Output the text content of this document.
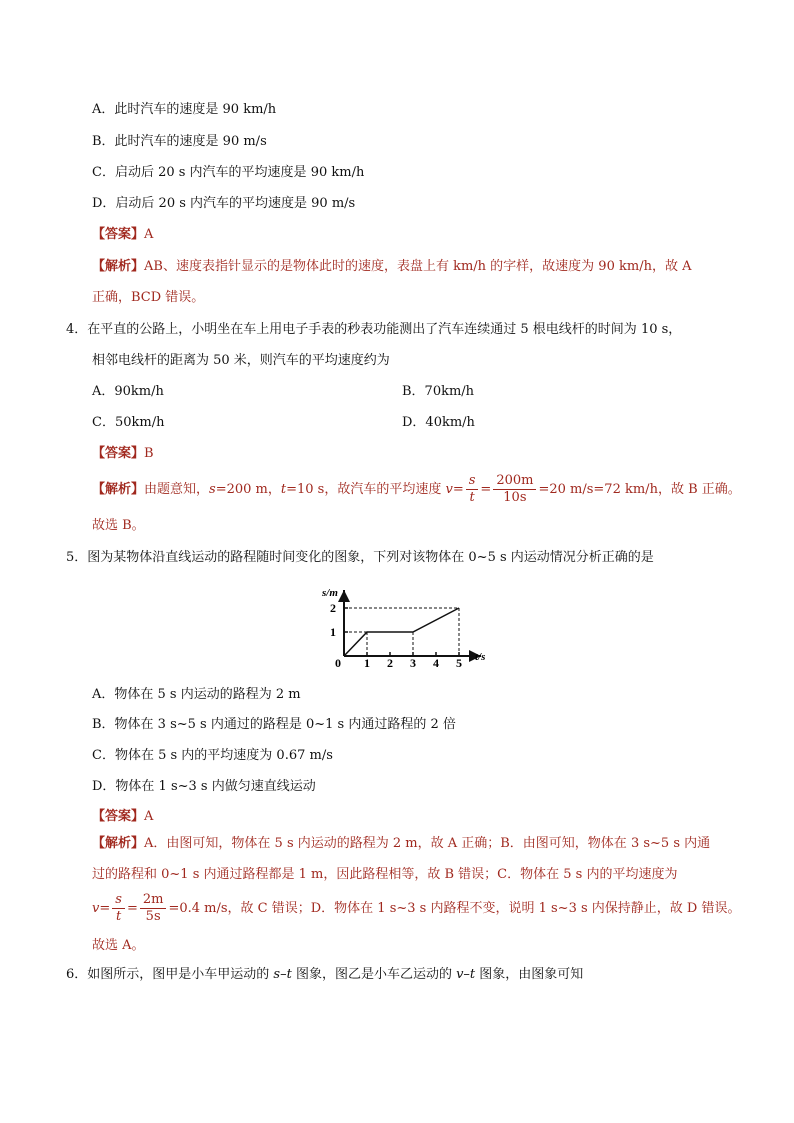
A．此时汽车的速度是 90 km/h
B．此时汽车的速度是 90 m/s
C．启动后 20 s 内汽车的平均速度是 90 km/h
D．启动后 20 s 内汽车的平均速度是 90 m/s
【答案】A
【解析】AB、速度表指针显示的是物体此时的速度，表盘上有 km/h 的字样，故速度为 90 km/h，故 A
正确，BCD 错误。
4．在平直的公路上，小明坐在车上用电子手表的秒表功能测出了汽车连续通过 5 根电线杆的时间为 10 s，
相邻电线杆的距离为 50 米，则汽车的平均速度约为
A．90km/h	B．70km/h
C．50km/h	D．40km/h
【答案】B
【解析】由题意知，s=200 m，t=10 s，故汽车的平均速度 $v= \frac{s}{t} = \frac{200m}{10s} =20$ m/s=72 km/h，故 B 正确。
故选 B。
5．图为某物体沿直线运动的路程随时间变化的图象，下列对该物体在 0~5 s 内运动情况分析正确的是
0 1 2 3 4 5
1
2
s/m
t/s
A．物体在 5 s 内运动的路程为 2 m
B．物体在 3 s~5 s 内通过的路程是 0~1 s 内通过路程的 2 倍
C．物体在 5 s 内的平均速度为 0.67 m/s
D．物体在 1 s~3 s 内做匀速直线运动
【答案】A
【解析】A．由图可知，物体在 5 s 内运动的路程为 2 m，故 A 正确；B．由图可知，物体在 3 s~5 s 内通
过的路程和 0~1 s 内通过路程都是 1 m，因此路程相等，故 B 错误；C．物体在 5 s 内的平均速度为
$v= \frac{s}{t} = \frac{2m}{5s} =0.4$ m/s，故 C 错误；D．物体在 1 s~3 s 内路程不变，说明 1 s~3 s 内保持静止，故 D 错误。
故选 A。
6．如图所示，图甲是小车甲运动的 s–t 图象，图乙是小车乙运动的 v–t 图象，由图象可知
